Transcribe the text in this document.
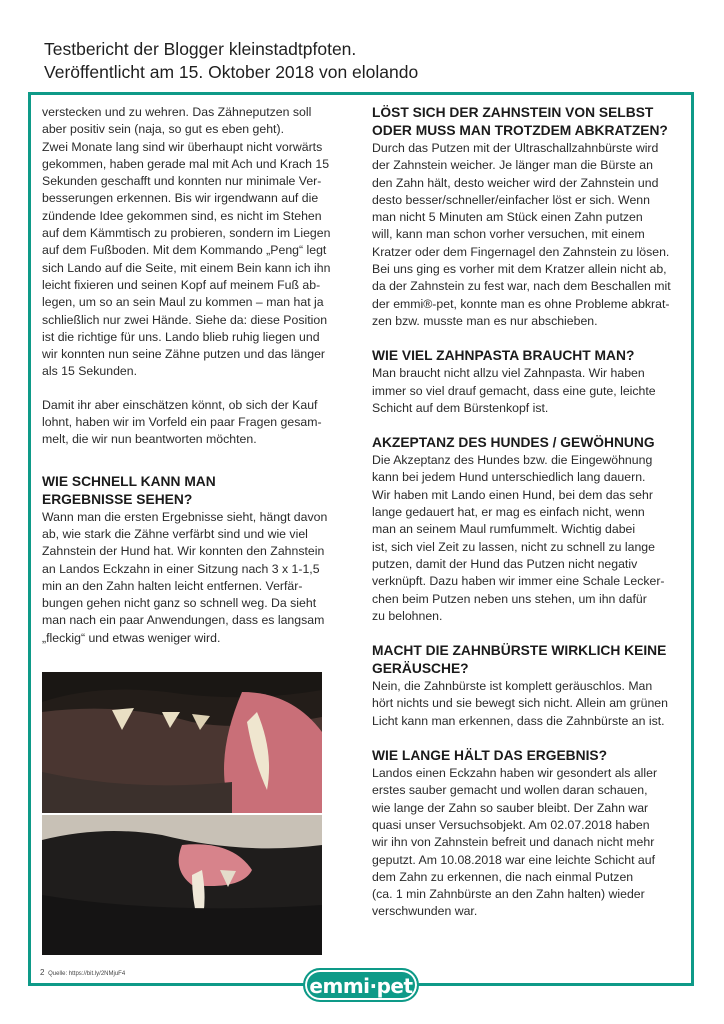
Testbericht der Blogger kleinstadtpfoten.
Veröffentlicht am 15. Oktober 2018 von elolando

verstecken und zu wehren. Das Zähneputzen soll
aber positiv sein (naja, so gut es eben geht).
Zwei Monate lang sind wir überhaupt nicht vorwärts
gekommen, haben gerade mal mit Ach und Krach 15
Sekunden geschafft und konnten nur minimale Ver-
besserungen erkennen. Bis wir irgendwann auf die
zündende Idee gekommen sind, es nicht im Stehen
auf dem Kämmtisch zu probieren, sondern im Liegen
auf dem Fußboden. Mit dem Kommando „Peng“ legt
sich Lando auf die Seite, mit einem Bein kann ich ihn
leicht fixieren und seinen Kopf auf meinem Fuß ab-
legen, um so an sein Maul zu kommen – man hat ja
schließlich nur zwei Hände. Siehe da: diese Position
ist die richtige für uns. Lando blieb ruhig liegen und
wir konnten nun seine Zähne putzen und das länger
als 15 Sekunden.

Damit ihr aber einschätzen könnt, ob sich der Kauf
lohnt, haben wir im Vorfeld ein paar Fragen gesam-
melt, die wir nun beantworten möchten.

WIE SCHNELL KANN MAN
ERGEBNISSE SEHEN?

Wann man die ersten Ergebnisse sieht, hängt davon
ab, wie stark die Zähne verfärbt sind und wie viel
Zahnstein der Hund hat. Wir konnten den Zahnstein
an Landos Eckzahn in einer Sitzung nach 3 x 1-1,5
min an den Zahn halten leicht entfernen. Verfär-
bungen gehen nicht ganz so schnell weg. Da sieht
man nach ein paar Anwendungen, dass es langsam
„fleckig“ und etwas weniger wird.

LÖST SICH DER ZAHNSTEIN VON SELBST
ODER MUSS MAN TROTZDEM ABKRATZEN?

Durch das Putzen mit der Ultraschallzahnbürste wird
der Zahnstein weicher. Je länger man die Bürste an
den Zahn hält, desto weicher wird der Zahnstein und
desto besser/schneller/einfacher löst er sich. Wenn
man nicht 5 Minuten am Stück einen Zahn putzen
will, kann man schon vorher versuchen, mit einem
Kratzer oder dem Fingernagel den Zahnstein zu lösen.
Bei uns ging es vorher mit dem Kratzer allein nicht ab,
da der Zahnstein zu fest war, nach dem Beschallen mit
der emmi®-pet, konnte man es ohne Probleme abkrat-
zen bzw. musste man es nur abschieben.

WIE VIEL ZAHNPASTA BRAUCHT MAN?

Man braucht nicht allzu viel Zahnpasta. Wir haben
immer so viel drauf gemacht, dass eine gute, leichte
Schicht auf dem Bürstenkopf ist.

AKZEPTANZ DES HUNDES / GEWÖHNUNG

Die Akzeptanz des Hundes bzw. die Eingewöhnung
kann bei jedem Hund unterschiedlich lang dauern.
Wir haben mit Lando einen Hund, bei dem das sehr
lange gedauert hat, er mag es einfach nicht, wenn
man an seinem Maul rumfummelt. Wichtig dabei
ist, sich viel Zeit zu lassen, nicht zu schnell zu lange
putzen, damit der Hund das Putzen nicht negativ
verknüpft. Dazu haben wir immer eine Schale Lecker-
chen beim Putzen neben uns stehen, um ihn dafür
zu belohnen.

MACHT DIE ZAHNBÜRSTE WIRKLICH KEINE
GERÄUSCHE?

Nein, die Zahnbürste ist komplett geräuschlos. Man
hört nichts und sie bewegt sich nicht. Allein am grünen
Licht kann man erkennen, dass die Zahnbürste an ist.

WIE LANGE HÄLT DAS ERGEBNIS?

Landos einen Eckzahn haben wir gesondert als aller
erstes sauber gemacht und wollen daran schauen,
wie lange der Zahn so sauber bleibt. Der Zahn war
quasi unser Versuchsobjekt. Am 02.07.2018 haben
wir ihn von Zahnstein befreit und danach nicht mehr
geputzt. Am 10.08.2018 war eine leichte Schicht auf
dem Zahn zu erkennen, die nach einmal Putzen
(ca. 1 min Zahnbürste an den Zahn halten) wieder
verschwunden war.

2 Quelle: https://bit.ly/2NMjuF4	emmi·pet
